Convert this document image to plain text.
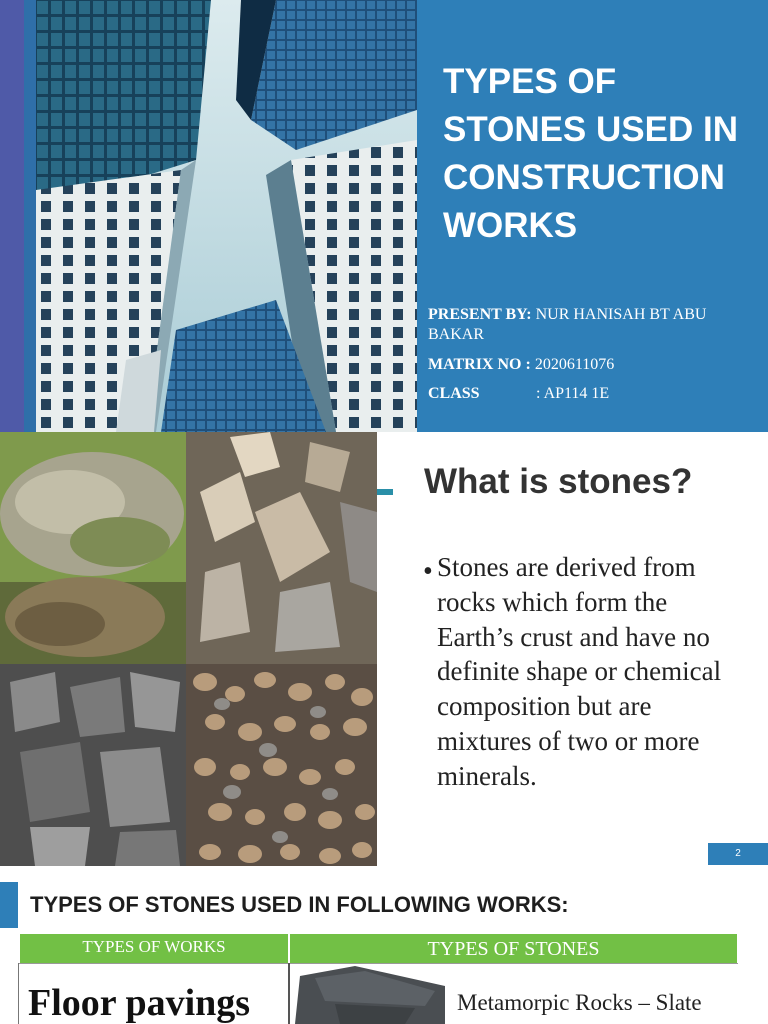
TYPES OF STONES USED IN CONSTRUCTION WORKS
PRESENT BY: NUR HANISAH BT ABU BAKAR
MATRIX NO : 2020611076
CLASS	: AP114 1E
What is stones?
• Stones are derived from rocks which form the Earth’s crust and have no definite shape or chemical composition but are mixtures of two or more minerals.
2
TYPES OF STONES USED IN FOLLOWING WORKS:
TYPES OF WORKS	TYPES OF STONES
Floor pavings	Metamorpic Rocks – Slate
